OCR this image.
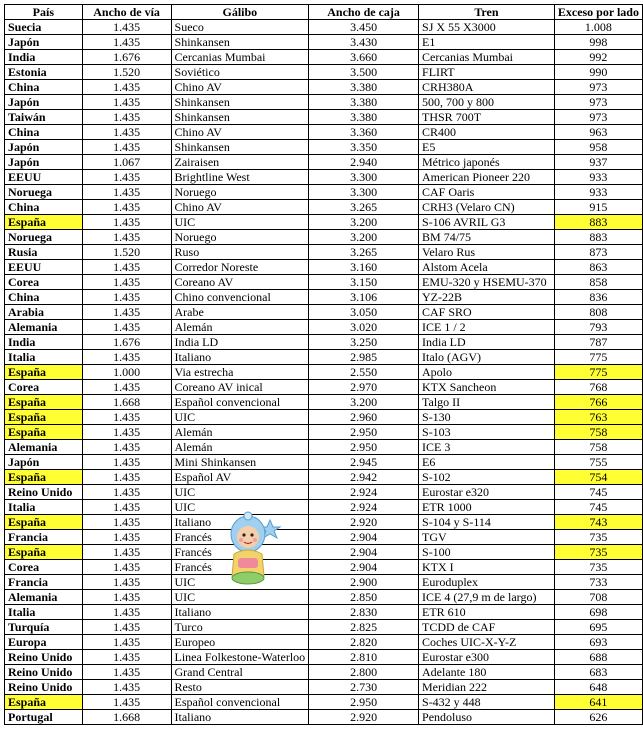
País	Ancho de vía	Gálibo	Ancho de caja	Tren	Exceso por lado
Suecia	1.435	Sueco	3.450	SJ X 55 X3000	1.008
Japón	1.435	Shinkansen	3.430	E1	998
India	1.676	Cercanias Mumbai	3.660	Cercanias Mumbai	992
Estonia	1.520	Soviético	3.500	FLIRT	990
China	1.435	Chino AV	3.380	CRH380A	973
Japón	1.435	Shinkansen	3.380	500, 700 y 800	973
Taiwán	1.435	Shinkansen	3.380	THSR 700T	973
China	1.435	Chino AV	3.360	CR400	963
Japón	1.435	Shinkansen	3.350	E5	958
Japón	1.067	Zairaisen	2.940	Métrico japonés	937
EEUU	1.435	Brightline West	3.300	American Pioneer 220	933
Noruega	1.435	Noruego	3.300	CAF Oaris	933
China	1.435	Chino AV	3.265	CRH3 (Velaro CN)	915
España	1.435	UIC	3.200	S-106 AVRIL G3	883
Noruega	1.435	Noruego	3.200	BM 74/75	883
Rusia	1.520	Ruso	3.265	Velaro Rus	873
EEUU	1.435	Corredor Noreste	3.160	Alstom Acela	863
Corea	1.435	Coreano AV	3.150	EMU-320 y HSEMU-370	858
China	1.435	Chino convencional	3.106	YZ-22B	836
Arabia	1.435	Arabe	3.050	CAF SRO	808
Alemania	1.435	Alemán	3.020	ICE 1 / 2	793
India	1.676	India LD	3.250	India LD	787
Italia	1.435	Italiano	2.985	Italo (AGV)	775
España	1.000	Via estrecha	2.550	Apolo	775
Corea	1.435	Coreano AV inical	2.970	KTX Sancheon	768
España	1.668	Español convencional	3.200	Talgo II	766
España	1.435	UIC	2.960	S-130	763
España	1.435	Alemán	2.950	S-103	758
Alemania	1.435	Alemán	2.950	ICE 3	758
Japón	1.435	Mini Shinkansen	2.945	E6	755
España	1.435	Español AV	2.942	S-102	754
Reino Unido	1.435	UIC	2.924	Eurostar e320	745
Italia	1.435	UIC	2.924	ETR 1000	745
España	1.435	Italiano	2.920	S-104 y S-114	743
Francia	1.435	Francés	2.904	TGV	735
España	1.435	Francés	2.904	S-100	735
Corea	1.435	Francés	2.904	KTX I	735
Francia	1.435	UIC	2.900	Euroduplex	733
Alemania	1.435	UIC	2.850	ICE 4 (27,9 m de largo)	708
Italia	1.435	Italiano	2.830	ETR 610	698
Turquía	1.435	Turco	2.825	TCDD de CAF	695
Europa	1.435	Europeo	2.820	Coches UIC-X-Y-Z	693
Reino Unido	1.435	Linea Folkestone-Waterloo	2.810	Eurostar e300	688
Reino Unido	1.435	Grand Central	2.800	Adelante 180	683
Reino Unido	1.435	Resto	2.730	Meridian 222	648
España	1.435	Español convencional	2.950	S-432 y 448	641
Portugal	1.668	Italiano	2.920	Pendoluso	626
